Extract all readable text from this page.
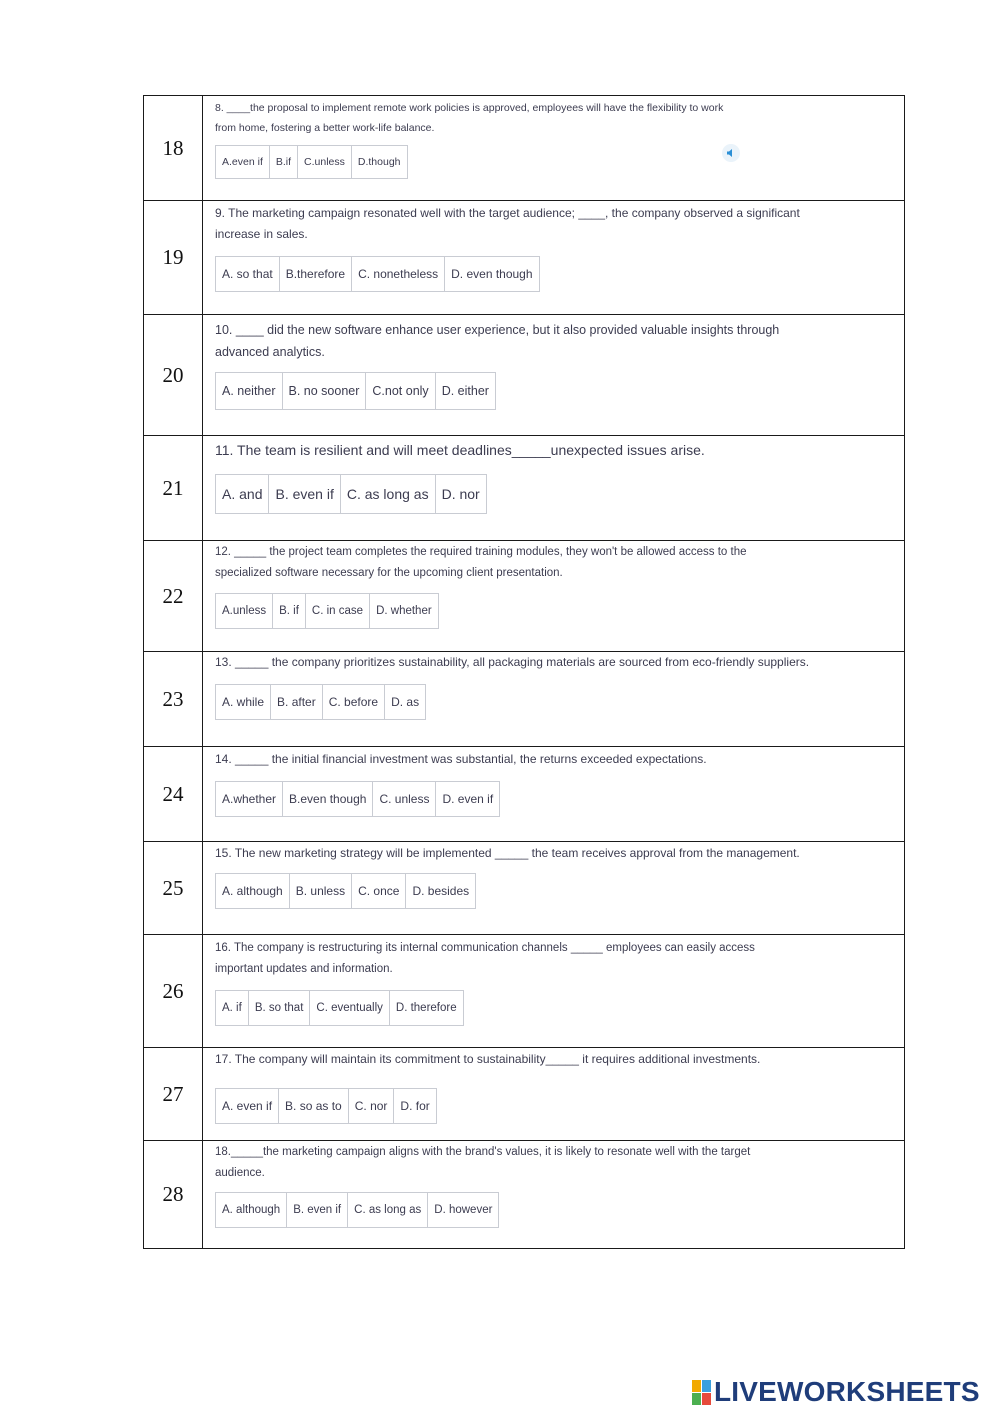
18	8. ____the proposal to implement remote work policies is approved, employees will have the flexibility to work from home, fostering a better work-life balance.

A.even if B.if C.unless D.though

19	9. The marketing campaign resonated well with the target audience; ____, the company observed a significant increase in sales.

A. so that B.therefore C. nonetheless D. even though

20	10. ____ did the new software enhance user experience, but it also provided valuable insights through advanced analytics.

A. neither B. no sooner C.not only D. either

21	11. The team is resilient and will meet deadlines_____unexpected issues arise.

A. and B. even if C. as long as D. nor

22	12. _____ the project team completes the required training modules, they won't be allowed access to the specialized software necessary for the upcoming client presentation.

A.unless B. if C. in case D. whether

23	13. _____ the company prioritizes sustainability, all packaging materials are sourced from eco-friendly suppliers.

A. while B. after C. before D. as

24	14. _____ the initial financial investment was substantial, the returns exceeded expectations.

A.whether B.even though C. unless D. even if

25	15. The new marketing strategy will be implemented _____ the team receives approval from the management.

A. although B. unless C. once D. besides

26	16. The company is restructuring its internal communication channels _____ employees can easily access important updates and information.

A. if B. so that C. eventually D. therefore

27	17. The company will maintain its commitment to sustainability_____ it requires additional investments.

A. even if B. so as to C. nor D. for

28	18._____the marketing campaign aligns with the brand's values, it is likely to resonate well with the target audience.

A. although B. even if C. as long as D. however
LIVEWORKSHEETS
